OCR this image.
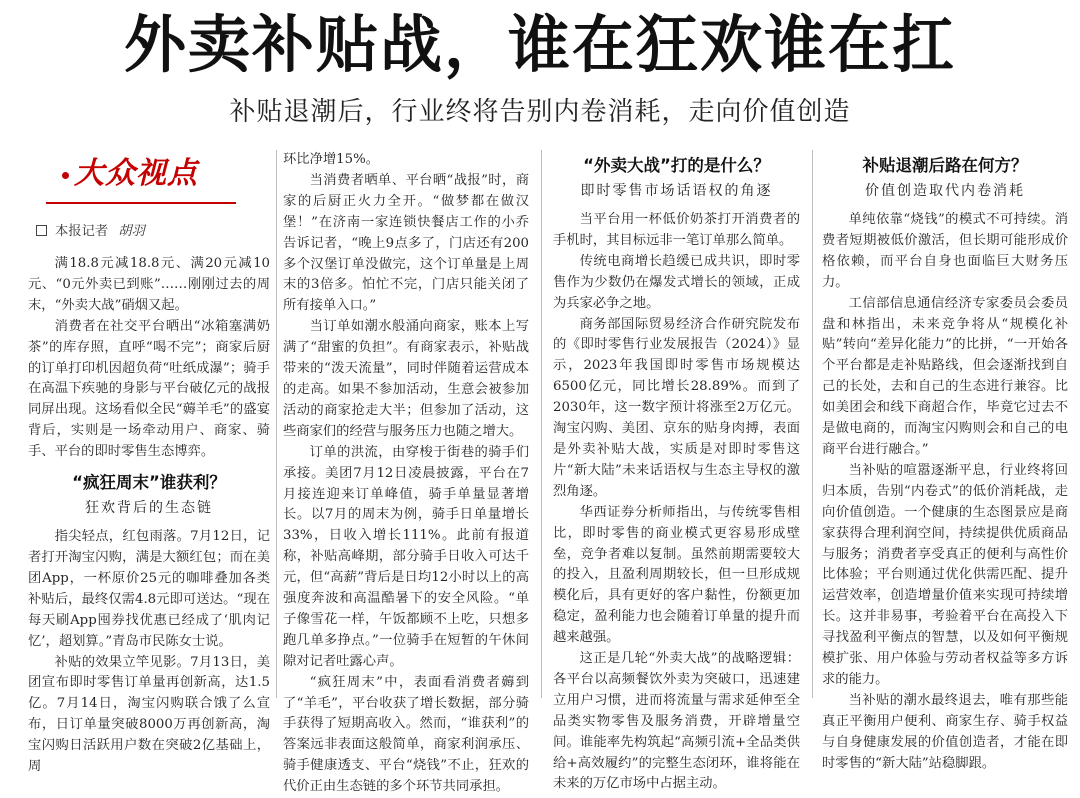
外卖补贴战，谁在狂欢谁在扛
补贴退潮后，行业终将告别内卷消耗，走向价值创造
大众视点
本报记者 胡羽

满18.8元减18.8元、满20元减10元、“0元外卖已到账”……刚刚过去的周末，“外卖大战”硝烟又起。

消费者在社交平台晒出“冰箱塞满奶茶”的库存照，直呼“喝不完”；商家后厨的订单打印机因超负荷“吐纸成瀑”；骑手在高温下疾驰的身影与平台破亿元的战报同屏出现。这场看似全民“薅羊毛”的盛宴背后，实则是一场牵动用户、商家、骑手、平台的即时零售生态博弈。

“疯狂周末”谁获利？
狂欢背后的生态链

指尖轻点，红包雨落。7月12日，记者打开淘宝闪购，满是大额红包；而在美团App，一杯原价25元的咖啡叠加各类补贴后，最终仅需4.8元即可送达。“现在每天刷App囤券找优惠已经成了‘肌肉记忆’，超划算。”青岛市民陈女士说。

补贴的效果立竿见影。7月13日，美团宣布即时零售订单量再创新高，达1.5亿。7月14日，淘宝闪购联合饿了么宣布，日订单量突破8000万再创新高，淘宝闪购日活跃用户数在突破2亿基础上，周

环比净增15%。

当消费者晒单、平台晒“战报”时，商家的后厨正火力全开。“做梦都在做汉堡！”在济南一家连锁快餐店工作的小乔告诉记者，“晚上9点多了，门店还有200多个汉堡订单没做完，这个订单量是上周末的3倍多。怕忙不完，门店只能关闭了所有接单入口。”

当订单如潮水般涌向商家，账本上写满了“甜蜜的负担”。有商家表示，补贴战带来的“泼天流量”，同时伴随着运营成本的走高。如果不参加活动，生意会被参加活动的商家抢走大半；但参加了活动，这些商家们的经营与服务压力也随之增大。

订单的洪流，由穿梭于街巷的骑手们承接。美团7月12日凌晨披露，平台在7月接连迎来订单峰值，骑手单量显著增长。以7月的周末为例，骑手日单量增长33%，日收入增长111%。此前有报道称，补贴高峰期，部分骑手日收入可达千元，但“高薪”背后是日均12小时以上的高强度奔波和高温酷暑下的安全风险。“单子像雪花一样，午饭都顾不上吃，只想多跑几单多挣点。”一位骑手在短暂的午休间隙对记者吐露心声。

“疯狂周末”中，表面看消费者薅到了“羊毛”，平台收获了增长数据，部分骑手获得了短期高收入。然而，“谁获利”的答案远非表面这般简单，商家利润承压、骑手健康透支、平台“烧钱”不止，狂欢的代价正由生态链的多个环节共同承担。

“外卖大战”打的是什么？
即时零售市场话语权的角逐

当平台用一杯低价奶茶打开消费者的手机时，其目标远非一笔订单那么简单。

传统电商增长趋缓已成共识，即时零售作为少数仍在爆发式增长的领域，正成为兵家必争之地。

商务部国际贸易经济合作研究院发布的《即时零售行业发展报告（2024）》显示，2023年我国即时零售市场规模达6500亿元，同比增长28.89%。而到了2030年，这一数字预计将涨至2万亿元。淘宝闪购、美团、京东的贴身肉搏，表面是外卖补贴大战，实质是对即时零售这片“新大陆”未来话语权与生态主导权的激烈角逐。

华西证券分析师指出，与传统零售相比，即时零售的商业模式更容易形成壁垒，竞争者难以复制。虽然前期需要较大的投入，且盈利周期较长，但一旦形成规模化后，具有更好的客户黏性，份额更加稳定，盈利能力也会随着订单量的提升而越来越强。

这正是几轮“外卖大战”的战略逻辑：各平台以高频餐饮外卖为突破口，迅速建立用户习惯，进而将流量与需求延伸至全品类实物零售及服务消费，开辟增量空间。谁能率先构筑起“高频引流+全品类供给+高效履约”的完整生态闭环，谁将能在未来的万亿市场中占据主动。

补贴退潮后路在何方？
价值创造取代内卷消耗

单纯依靠“烧钱”的模式不可持续。消费者短期被低价激活，但长期可能形成价格依赖，而平台自身也面临巨大财务压力。

工信部信息通信经济专家委员会委员盘和林指出，未来竞争将从“规模化补贴”转向“差异化能力”的比拼，“一开始各个平台都是走补贴路线，但会逐渐找到自己的长处，去和自己的生态进行兼容。比如美团会和线下商超合作，毕竟它过去不是做电商的，而淘宝闪购则会和自己的电商平台进行融合。”

当补贴的喧嚣逐渐平息，行业终将回归本质，告别“内卷式”的低价消耗战，走向价值创造。一个健康的生态图景应是商家获得合理利润空间，持续提供优质商品与服务；消费者享受真正的便利与高性价比体验；平台则通过优化供需匹配、提升运营效率，创造增量价值来实现可持续增长。这并非易事，考验着平台在高投入下寻找盈利平衡点的智慧，以及如何平衡规模扩张、用户体验与劳动者权益等多方诉求的能力。

当补贴的潮水最终退去，唯有那些能真正平衡用户便利、商家生存、骑手权益与自身健康发展的价值创造者，才能在即时零售的“新大陆”站稳脚跟。
